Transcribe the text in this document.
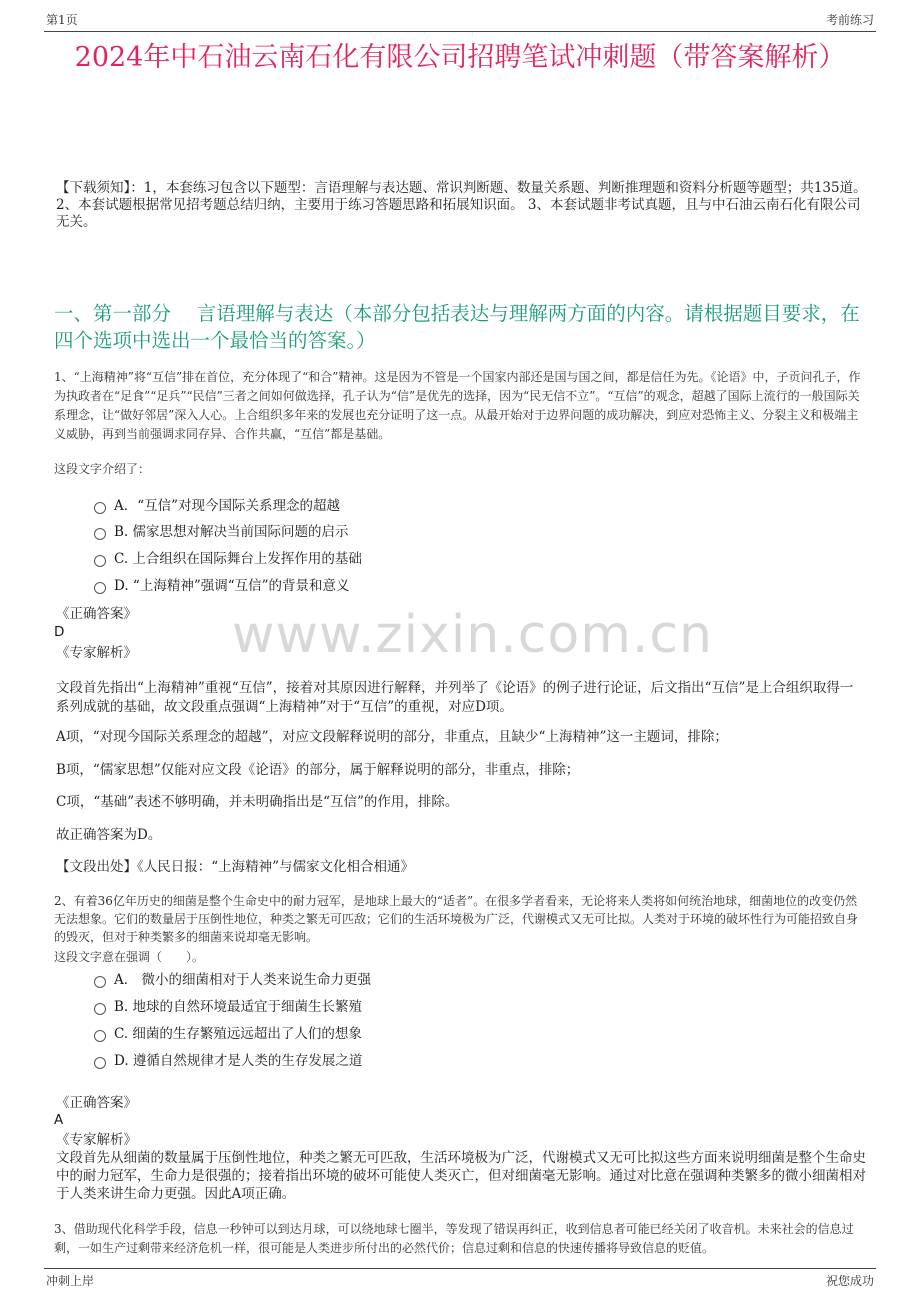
第1页	考前练习
2024年中石油云南石化有限公司招聘笔试冲刺题（带答案解析）
【下载须知】：1，本套练习包含以下题型：言语理解与表达题、常识判断题、数量关系题、判断推理题和资料分析题等题型；共135道。 2、本套试题根据常见招考题总结归纳，主要用于练习答题思路和拓展知识面。 3、本套试题非考试真题，且与中石油云南石化有限公司无关。
一、第一部分　 言语理解与表达（本部分包括表达与理解两方面的内容。请根据题目要求，在四个选项中选出一个最恰当的答案。）
1、“上海精神”将“互信”排在首位，充分体现了“和合”精神。这是因为不管是一个国家内部还是国与国之间，都是信任为先。《论语》中，子贡问孔子，作为执政者在“足食”“足兵”“民信”三者之间如何做选择，孔子认为“信”是优先的选择，因为“民无信不立”。“互信”的观念，超越了国际上流行的一般国际关系理念，让“做好邻居”深入人心。上合组织多年来的发展也充分证明了这一点。从最开始对于边界问题的成功解决，到应对恐怖主义、分裂主义和极端主义威胁，再到当前强调求同存异、合作共赢，“互信”都是基础。
这段文字介绍了：
A．“互信”对现今国际关系理念的超越
B. 儒家思想对解决当前国际问题的启示
C. 上合组织在国际舞台上发挥作用的基础
D. “上海精神”强调“互信”的背景和意义
《正确答案》
D
《专家解析》
文段首先指出“上海精神”重视“互信”，接着对其原因进行解释，并列举了《论语》的例子进行论证，后文指出“互信”是上合组织取得一系列成就的基础，故文段重点强调“上海精神”对于“互信”的重视，对应D项。
A项，“对现今国际关系理念的超越”，对应文段解释说明的部分，非重点，且缺少“上海精神”这一主题词，排除；
B项，“儒家思想”仅能对应文段《论语》的部分，属于解释说明的部分，非重点，排除；
C项，“基础”表述不够明确，并未明确指出是“互信”的作用，排除。
故正确答案为D。
【文段出处】《人民日报：“上海精神”与儒家文化相合相通》
2、有着36亿年历史的细菌是整个生命史中的耐力冠军，是地球上最大的“适者”。在很多学者看来，无论将来人类将如何统治地球，细菌地位的改变仍然无法想象。它们的数量居于压倒性地位，种类之繁无可匹敌；它们的生活环境极为广泛，代谢模式又无可比拟。人类对于环境的破坏性行为可能招致自身的毁灭，但对于种类繁多的细菌来说却毫无影响。
这段文字意在强调（　　）。
A． 微小的细菌相对于人类来说生命力更强
B. 地球的自然环境最适宜于细菌生长繁殖
C. 细菌的生存繁殖远远超出了人们的想象
D. 遵循自然规律才是人类的生存发展之道
《正确答案》
A
《专家解析》
文段首先从细菌的数量属于压倒性地位，种类之繁无可匹敌，生活环境极为广泛，代谢模式又无可比拟这些方面来说明细菌是整个生命史中的耐力冠军，生命力是很强的；接着指出环境的破坏可能使人类灭亡，但对细菌毫无影响。通过对比意在强调种类繁多的微小细菌相对于人类来讲生命力更强。因此A项正确。
3、借助现代化科学手段，信息一秒钟可以到达月球，可以绕地球七圈半，等发现了错误再纠正，收到信息者可能已经关闭了收音机。未来社会的信息过剩，一如生产过剩带来经济危机一样，很可能是人类进步所付出的必然代价；信息过剩和信息的快速传播将导致信息的贬值。
www.zixin.com.cn
冲刺上岸	祝您成功
